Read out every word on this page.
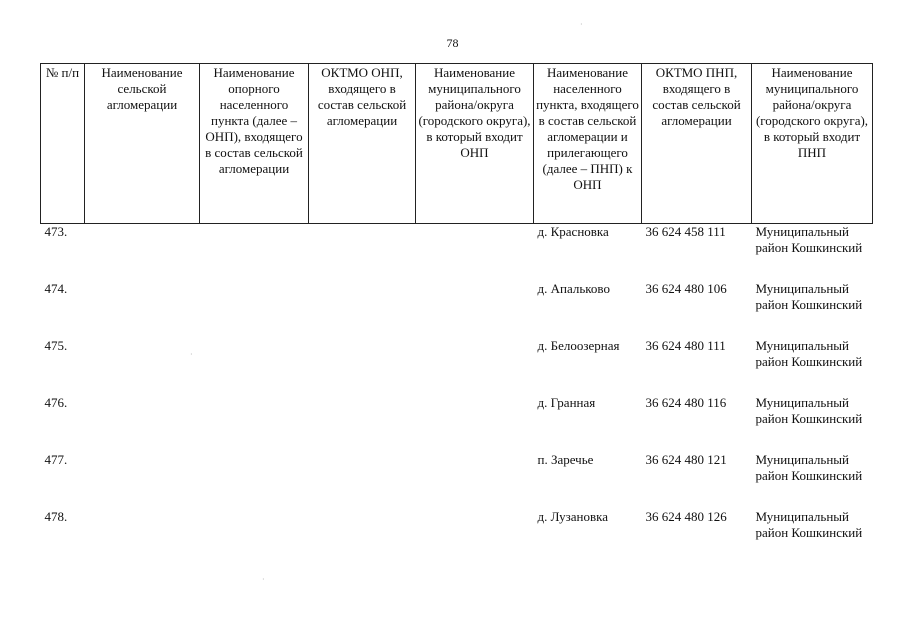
78
№ п/п	Наименование сельской агломерации	Наименование опорного населенного пункта (далее – ОНП), входящего в состав сельской агломерации	ОКТМО ОНП, входящего в состав сельской агломерации	Наименование муниципального района/округа (городского округа), в который входит ОНП	Наименование населенного пункта, входящего в состав сельской агломерации и прилегающего (далее – ПНП) к ОНП	ОКТМО ПНП, входящего в состав сельской агломерации	Наименование муниципального района/округа (городского округа), в который входит ПНП
473.					д. Красновка	36 624 458 111	Муниципальный район Кошкинский
474.					д. Апальково	36 624 480 106	Муниципальный район Кошкинский
475.					д. Белоозерная	36 624 480 111	Муниципальный район Кошкинский
476.					д. Гранная	36 624 480 116	Муниципальный район Кошкинский
477.					п. Заречье	36 624 480 121	Муниципальный район Кошкинский
478.					д. Лузановка	36 624 480 126	Муниципальный район Кошкинский
·
·
·
